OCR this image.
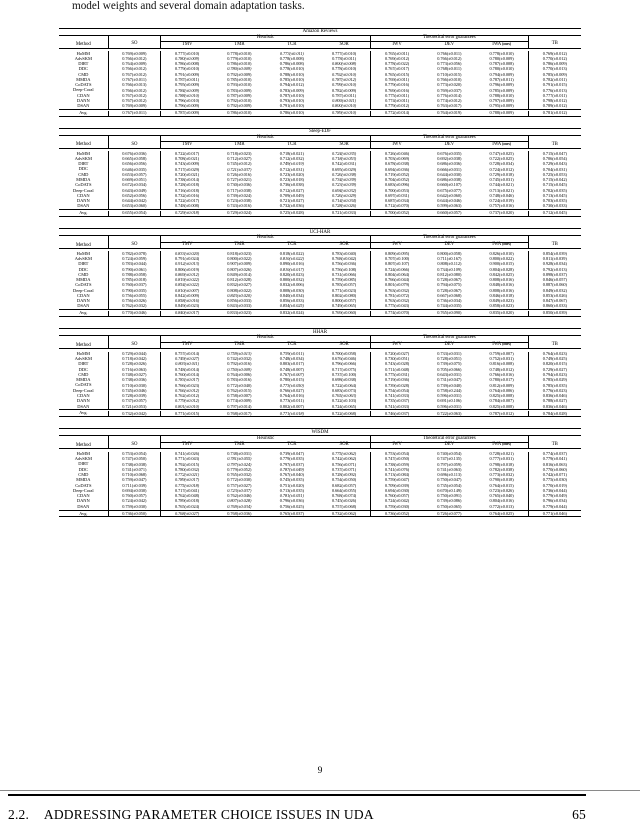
model weights and several domain adaptation tasks.
Amazon Reviews									
		Heuristic				Theoretical error guarantees			
Method	SO	TMV	TMR	TCR	SOR	IWV	DEV	IWA (ours)	TB

HoMM	0.769(±0.009)	0.777(±0.010)	0.778(±0.010)	0.773(±0.011)	0.777(±0.010)	0.765(±0.011)	0.766(±0.011)	0.778(±0.010)	0.769(±0.012)
AdvSKM	0.766(±0.012)	0.780(±0.009)	0.779(±0.010)	0.778(±0.008)	0.778(±0.011)	0.769(±0.012)	0.766(±0.012)	0.780(±0.009)	0.770(±0.012)
DIRT	0.764(±0.009)	0.786(±0.008)	0.786(±0.010)	0.786(±0.008)	0.800(±0.008)	0.778(±0.022)	0.773(±0.056)	0.787(±0.008)	0.786(±0.009)
DDC	0.766(±0.012)	0.779(±0.010)	0.780(±0.009)	0.778(±0.010)	0.778(±0.010)	0.767(±0.017)	0.768(±0.011)	0.780(±0.010)	0.770(±0.013)
CMD	0.767(±0.012)	0.791(±0.009)	0.792(±0.009)	0.788(±0.010)	0.792(±0.010)	0.765(±0.015)	0.710(±0.015)	0.794(±0.009)	0.785(±0.009)
MMDA	0.767(±0.011)	0.787(±0.011)	0.785(±0.010)	0.785(±0.010)	0.787(±0.012)	0.769(±0.011)	0.766(±0.010)	0.787(±0.011)	0.782(±0.011)
CoDATS	0.766(±0.013)	0.795(±0.009)	0.793(±0.010)	0.794(±0.012)	0.799(±0.010)	0.779(±0.016)	0.773(±0.020)	0.796(±0.009)	0.791(±0.015)
Deep-Coral	0.766(±0.012)	0.784(±0.009)	0.783(±0.009)	0.783(±0.009)	0.782(±0.009)	0.769(±0.016)	0.769(±0.037)	0.785(±0.009)	0.776(±0.013)
CDAN	0.767(±0.012)	0.788(±0.010)	0.787(±0.009)	0.787(±0.010)	0.787(±0.011)	0.775(±0.011)	0.776(±0.014)	0.788(±0.010)	0.777(±0.011)
DANN	0.767(±0.012)	0.796(±0.010)	0.792(±0.010)	0.793(±0.010)	0.800(±0.011)	0.774(±0.011)	0.774(±0.012)	0.797(±0.009)	0.798(±0.012)
DSAN	0.769(±0.009)	0.796(±0.009)	0.792(±0.009)	0.791(±0.010)	0.800(±0.010)	0.779(±0.012)	0.763(±0.017)	0.795(±0.009)	0.789(±0.012)

Avg.	0.767(±0.011)	0.787(±0.009)	0.786(±0.010)	0.786(±0.010)	0.789(±0.010)	0.772(±0.014)	0.764(±0.019)	0.788(±0.009)	0.781(±0.012)

Sleep-EDF									
		Heuristic				Theoretical error guarantees			
Method	SO	TMV	TMR	TCR	SOR	IWV	DEV	IWA (ours)	TB

HoMM	0.676(±0.036)	0.722(±0.017)	0.718(±0.023)	0.718(±0.021)	0.724(±0.035)	0.726(±0.046)	0.676(±0.035)	0.747(±0.025)	0.715(±0.047)
AdvSKM	0.665(±0.058)	0.708(±0.021)	0.712(±0.027)	0.712(±0.032)	0.718(±0.053)	0.703(±0.069)	0.692(±0.038)	0.722(±0.025)	0.706(±0.054)
DIRT	0.656(±0.056)	0.743(±0.009)	0.745(±0.012)	0.749(±0.019)	0.742(±0.031)	0.678(±0.038)	0.686(±0.036)	0.728(±0.034)	0.729(±0.043)
DDC	0.646(±0.035)	0.717(±0.029)	0.721(±0.037)	0.712(±0.031)	0.695(±0.029)	0.694(±0.036)	0.666(±0.031)	0.724(±0.012)	0.704(±0.031)
CMD	0.653(±0.057)	0.720(±0.021)	0.726(±0.016)	0.723(±0.020)	0.726(±0.038)	0.719(±0.052)	0.644(±0.030)	0.729(±0.018)	0.725(±0.053)
MMDA	0.669(±0.051)	0.738(±0.014)	0.727(±0.021)	0.723(±0.018)	0.734(±0.039)	0.704(±0.052)	0.686(±0.038)	0.745(±0.031)	0.715(±0.042)
CoDATS	0.672(±0.034)	0.728(±0.018)	0.730(±0.036)	0.736(±0.038)	0.723(±0.039)	0.683(±0.096)	0.660(±0.107)	0.744(±0.021)	0.715(±0.045)
Deep-Coral	0.643(±0.049)	0.716(±0.018)	0.717(±0.038)	0.712(±0.027)	0.694(±0.032)	0.700(±0.053)	0.675(±0.077)	0.713(±0.021)	0.702(±0.035)
CDAN	0.652(±0.056)	0.732(±0.016)	0.739(±0.024)	0.709(±0.049)	0.726(±0.029)	0.697(±0.031)	0.642(±0.060)	0.748(±0.046)	0.713(±0.045)
DANN	0.644(±0.042)	0.722(±0.017)	0.723(±0.038)	0.721(±0.027)	0.714(±0.034)	0.687(±0.034)	0.644(±0.046)	0.724(±0.019)	0.703(±0.035)
DSAN	0.653(±0.060)	0.748(±0.008)	0.743(±0.016)	0.732(±0.036)	0.728(±0.026)	0.712(±0.070)	0.599(±0.063)	0.757(±0.016)	0.730(±0.033)

Avg.	0.655(±0.054)	0.729(±0.018)	0.729(±0.024)	0.725(±0.028)	0.721(±0.033)	0.700(±0.052)	0.660(±0.057)	0.737(±0.020)	0.712(±0.045)

UCI-HAR									
		Heuristic				Theoretical error guarantees			
Method	SO	TMV	TMR	TCR	SOR	IWV	DEV	IWA (ours)	TB

HoMM	0.782(±0.078)	0.833(±0.020)	0.818(±0.023)	0.818(±0.022)	0.783(±0.040)	0.809(±0.095)	0.800(±0.058)	0.826(±0.010)	0.854(±0.039)
AdvSKM	0.724(±0.059)	0.791(±0.024)	0.800(±0.022)	0.810(±0.022)	0.768(±0.042)	0.707(±0.100)	0.711(±0.167)	0.800(±0.022)	0.811(±0.039)
DIRT	0.783(±0.044)	0.912(±0.013)	0.907(±0.009)	0.890(±0.016)	0.756(±0.036)	0.807(±0.107)	0.808(±0.112)	0.900(±0.015)	0.928(±0.034)
DDC	0.790(±0.061)	0.806(±0.019)	0.807(±0.026)	0.810(±0.017)	0.756(±0.108)	0.724(±0.066)	0.734(±0.109)	0.804(±0.028)	0.792(±0.013)
CMD	0.788(±0.058)	0.869(±0.012)	0.849(±0.014)	0.820(±0.023)	0.731(±0.066)	0.804(±0.064)	0.812(±0.080)	0.842(±0.025)	0.898(±0.037)
MMDA	0.785(±0.018)	0.819(±0.022)	0.812(±0.028)	0.800(±0.032)	0.759(±0.085)	0.766(±0.044)	0.728(±0.067)	0.808(±0.016)	0.846(±0.057)
CoDATS	0.760(±0.037)	0.854(±0.022)	0.832(±0.027)	0.832(±0.006)	0.785(±0.057)	0.801(±0.079)	0.794(±0.075)	0.848(±0.016)	0.887(±0.060)
Deep-Coral	0.790(±0.035)	0.810(±0.007)	0.808(±0.022)	0.808(±0.030)	0.771(±0.023)	0.763(±0.032)	0.728(±0.067)	0.808(±0.016)	0.849(±0.032)
CDAN	0.756(±0.055)	0.842(±0.009)	0.843(±0.020)	0.840(±0.034)	0.802(±0.080)	0.781(±0.072)	0.667(±0.068)	0.846(±0.018)	0.853(±0.026)
DANN	0.756(±0.026)	0.858(±0.016)	0.856(±0.033)	0.856(±0.033)	0.800(±0.057)	0.763(±0.032)	0.736(±0.034)	0.849(±0.023)	0.847(±0.067)
DSAN	0.762(±0.032)	0.849(±0.023)	0.843(±0.033)	0.854(±0.025)	0.749(±0.065)	0.775(±0.043)	0.744(±0.035)	0.858(±0.023)	0.860(±0.033)

Avg.	0.770(±0.046)	0.840(±0.017)	0.833(±0.023)	0.832(±0.024)	0.769(±0.060)	0.774(±0.070)	0.765(±0.090)	0.835(±0.020)	0.850(±0.039)

HHAR									
		Heuristic				Theoretical error guarantees			
Method	SO	TMV	TMR	TCR	SOR	IWV	DEV	IWA (ours)	TB

HoMM	0.729(±0.044)	0.757(±0.014)	0.759(±0.013)	0.759(±0.011)	0.700(±0.058)	0.720(±0.027)	0.733(±0.031)	0.759(±0.007)	0.764(±0.023)
AdvSKM	0.718(±0.042)	0.749(±0.027)	0.742(±0.032)	0.748(±0.034)	0.676(±0.046)	0.730(±0.051)	0.728(±0.051)	0.752(±0.031)	0.749(±0.025)
DIRT	0.728(±0.026)	0.803(±0.011)	0.792(±0.016)	0.803(±0.017)	0.796(±0.066)	0.743(±0.028)	0.739(±0.075)	0.816(±0.008)	0.820(±0.015)
DDC	0.716(±0.063)	0.748(±0.014)	0.750(±0.009)	0.748(±0.007)	0.717(±0.075)	0.711(±0.048)	0.705(±0.066)	0.748(±0.012)	0.729(±0.027)
CMD	0.748(±0.027)	0.760(±0.014)	0.764(±0.006)	0.767(±0.007)	0.737(±0.100)	0.775(±0.031)	0.643(±0.031)	0.766(±0.016)	0.794(±0.023)
MMDA	0.738(±0.036)	0.783(±0.017)	0.783(±0.016)	0.780(±0.015)	0.698(±0.038)	0.719(±0.036)	0.731(±0.047)	0.780(±0.017)	0.785(±0.029)
CoDATS	0.710(±0.030)	0.766(±0.023)	0.772(±0.040)	0.773(±0.050)	0.722(±0.064)	0.739(±0.028)	0.739(±0.040)	0.812(±0.009)	0.785(±0.035)
Deep-Coral	0.745(±0.046)	0.766(±0.012)	0.762(±0.015)	0.766(±0.027)	0.683(±0.073)	0.754(±0.054)	0.758(±0.244)	0.764(±0.006)	0.776(±0.023)
CDAN	0.728(±0.039)	0.762(±0.012)	0.758(±0.007)	0.764(±0.016)	0.765(±0.063)	0.741(±0.033)	0.596(±0.031)	0.825(±0.008)	0.836(±0.046)
DANN	0.737(±0.057)	0.779(±0.012)	0.774(±0.009)	0.773(±0.011)	0.722(±0.103)	0.735(±0.037)	0.691(±0.106)	0.784(±0.007)	0.788(±0.027)
DSAN	0.721(±0.053)	0.801(±0.010)	0.797(±0.014)	0.802(±0.007)	0.724(±0.065)	0.741(±0.033)	0.596(±0.031)	0.825(±0.008)	0.836(±0.046)

Avg.	0.732(±0.042)	0.771(±0.015)	0.768(±0.017)	0.771(±0.018)	0.722(±0.068)	0.746(±0.037)	0.722(±0.063)	0.787(±0.012)	0.784(±0.028)

WISDM									
		Heuristic				Theoretical error guarantees			
Method	SO	TMV	TMR	TCR	SOR	IWV	DEV	IWA (ours)	TB

HoMM	0.753(±0.054)	0.741(±0.026)	0.738(±0.031)	0.739(±0.047)	0.775(±0.062)	0.753(±0.054)	0.740(±0.054)	0.728(±0.021)	0.774(±0.037)
AdvSKM	0.747(±0.050)	0.771(±0.043)	0.781(±0.055)	0.779(±0.035)	0.742(±0.062)	0.747(±0.050)	0.747(±0.135)	0.777(±0.031)	0.779(±0.041)
DIRT	0.738(±0.038)	0.792(±0.015)	0.797(±0.024)	0.797(±0.037)	0.756(±0.071)	0.738(±0.059)	0.797(±0.059)	0.798(±0.018)	0.816(±0.063)
DDC	0.741(±0.071)	0.780(±0.032)	0.779(±0.052)	0.787(±0.049)	0.737(±0.071)	0.741(±0.076)	0.741(±0.063)	0.782(±0.038)	0.770(±0.060)
CMD	0.710(±0.068)	0.772(±0.021)	0.765(±0.032)	0.767(±0.040)	0.728(±0.092)	0.713(±0.084)	0.696(±0.113)	0.773(±0.032)	0.742(±0.071)
MMDA	0.759(±0.047)	0.789(±0.017)	0.772(±0.030)	0.745(±0.035)	0.754(±0.050)	0.759(±0.047)	0.750(±0.047)	0.790(±0.018)	0.775(±0.030)
CoDATS	0.711(±0.039)	0.775(±0.018)	0.757(±0.027)	0.751(±0.020)	0.682(±0.057)	0.709(±0.039)	0.735(±0.054)	0.764(±0.015)	0.770(±0.019)
Deep-Coral	0.694(±0.030)	0.717(±0.041)	0.723(±0.037)	0.713(±0.035)	0.664(±0.055)	0.694(±0.030)	0.670(±0.149)	0.723(±0.026)	0.736(±0.044)
CDAN	0.760(±0.057)	0.762(±0.048)	0.762(±0.046)	0.781(±0.051)	0.768(±0.074)	0.760(±0.057)	0.750(±0.091)	0.765(±0.040)	0.779(±0.049)
DANN	0.724(±0.042)	0.789(±0.018)	0.807(±0.028)	0.796(±0.036)	0.745(±0.026)	0.724(±0.042)	0.739(±0.086)	0.804(±0.016)	0.796(±0.034)
DSAN	0.759(±0.030)	0.765(±0.024)	0.769(±0.034)	0.756(±0.025)	0.757(±0.068)	0.759(±0.030)	0.750(±0.065)	0.772(±0.013)	0.779(±0.044)

Avg.	0.736(±0.050)	0.768(±0.027)	0.768(±0.036)	0.765(±0.037)	0.732(±0.062)	0.736(±0.052)	0.726(±0.077)	0.764(±0.025)	0.771(±0.046)

9
2.2. ADDRESSING PARAMETER CHOICE ISSUES IN UDA	65
